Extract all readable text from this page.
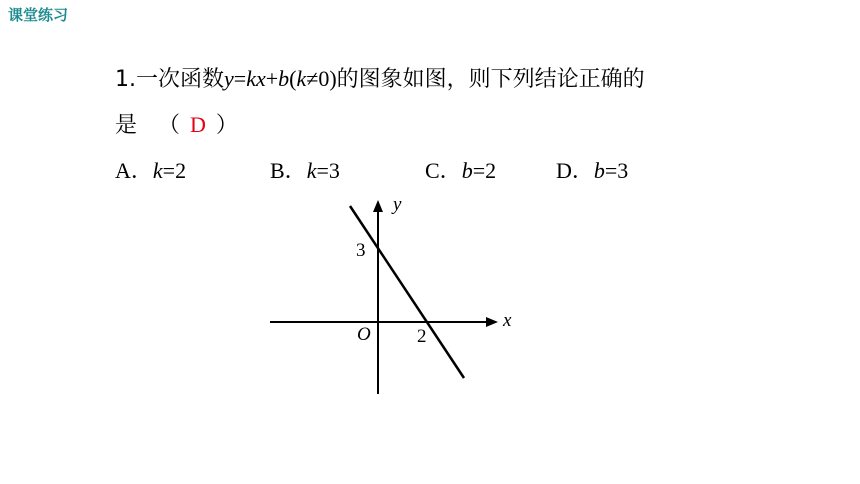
课堂练习
1.一次函数y=kx+b(k≠0)的图象如图，则下列结论正确的
是 （ D ）
A．k=2	B．k=3	C．b=2	D．b=3
x
y
O
3
2
